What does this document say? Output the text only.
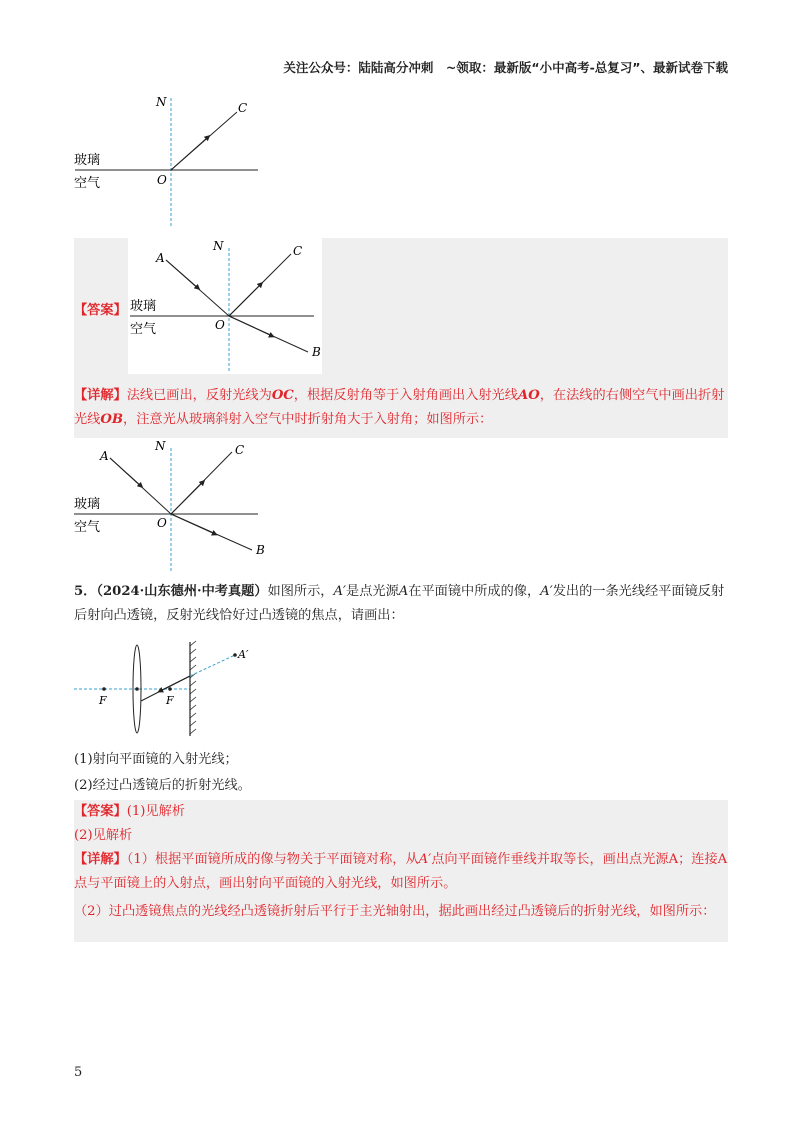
关注公众号：陆陆高分冲刺　~领取：最新版“小中高考-总复习”、最新试卷下载
N	C
O
玻璃
空气
【答案】
N
A	C
O
B
玻璃
空气
【详解】法线已画出，反射光线为OC，根据反射角等于入射角画出入射光线AO，在法线的右侧空气中画出折射光线OB，注意光从玻璃斜射入空气中时折射角大于入射角；如图所示：
N
A	C
O
B
玻璃
空气
5．（2024·山东德州·中考真题）如图所示，A′是点光源A在平面镜中所成的像，A′发出的一条光线经平面镜反射后射向凸透镜，反射光线恰好过凸透镜的焦点，请画出：
F	F
A′
(1)射向平面镜的入射光线；
(2)经过凸透镜后的折射光线。
【答案】(1)见解析
(2)见解析
【详解】（1）根据平面镜所成的像与物关于平面镜对称，从A′点向平面镜作垂线并取等长，画出点光源A；连接A点与平面镜上的入射点，画出射向平面镜的入射光线，如图所示。
（2）过凸透镜焦点的光线经凸透镜折射后平行于主光轴射出，据此画出经过凸透镜后的折射光线，如图所示：
5
